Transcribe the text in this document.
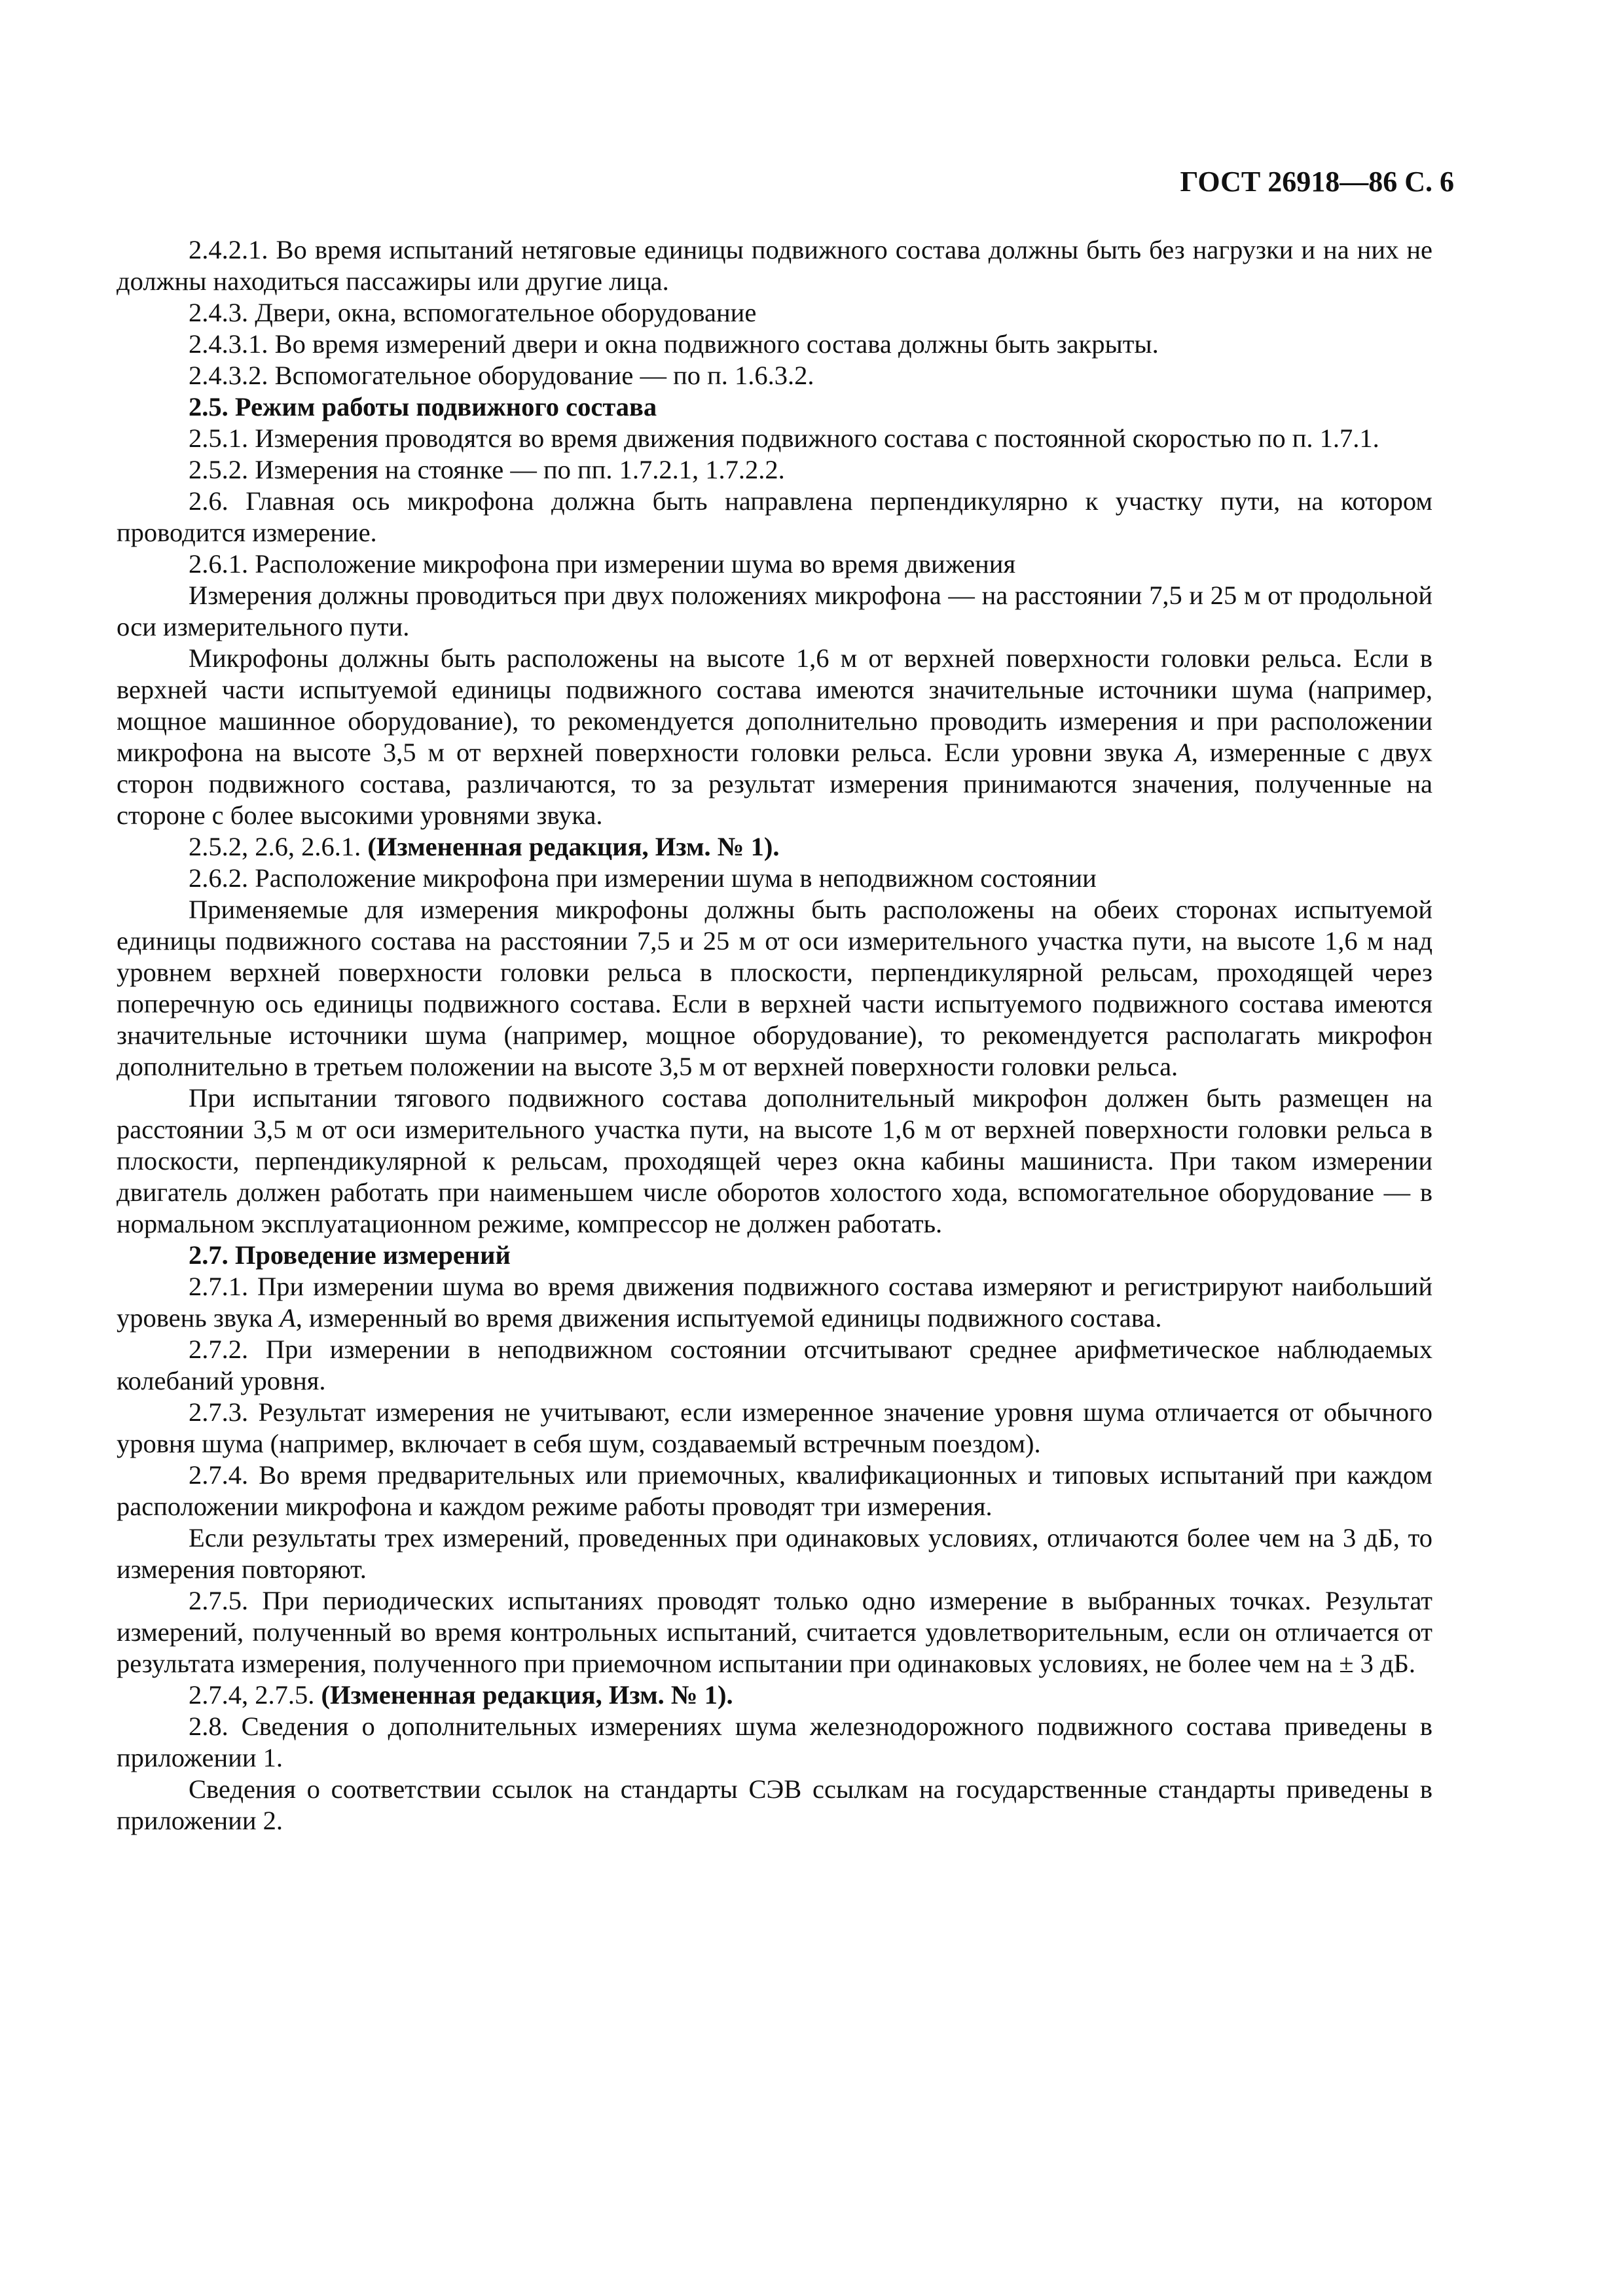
ГОСТ 26918—86 С. 6

2.4.2.1. Во время испытаний нетяговые единицы подвижного состава должны быть без нагрузки и на них не должны находиться пассажиры или другие лица.

2.4.3. Двери, окна, вспомогательное оборудование

2.4.3.1. Во время измерений двери и окна подвижного состава должны быть закрыты.

2.4.3.2. Вспомогательное оборудование — по п. 1.6.3.2.

2.5. Режим работы подвижного состава

2.5.1. Измерения проводятся во время движения подвижного состава с постоянной скоростью по п. 1.7.1.

2.5.2. Измерения на стоянке — по пп. 1.7.2.1, 1.7.2.2.

2.6. Главная ось микрофона должна быть направлена перпендикулярно к участку пути, на котором проводится измерение.

2.6.1. Расположение микрофона при измерении шума во время движения

Измерения должны проводиться при двух положениях микрофона — на расстоянии 7,5 и 25 м от продольной оси измерительного пути.

Микрофоны должны быть расположены на высоте 1,6 м от верхней поверхности головки рельса. Если в верхней части испытуемой единицы подвижного состава имеются значительные источники шума (например, мощное машинное оборудование), то рекомендуется дополнительно проводить измерения и при расположении микрофона на высоте 3,5 м от верхней поверхности головки рельса. Если уровни звука А, измеренные с двух сторон подвижного состава, различаются, то за результат измерения принимаются значения, полученные на стороне с более высокими уровнями звука.

2.5.2, 2.6, 2.6.1. (Измененная редакция, Изм. № 1).

2.6.2. Расположение микрофона при измерении шума в неподвижном состоянии

Применяемые для измерения микрофоны должны быть расположены на обеих сторонах испытуемой единицы подвижного состава на расстоянии 7,5 и 25 м от оси измерительного участка пути, на высоте 1,6 м над уровнем верхней поверхности головки рельса в плоскости, перпендикулярной рельсам, проходящей через поперечную ось единицы подвижного состава. Если в верхней части испытуемого подвижного состава имеются значительные источники шума (например, мощное оборудование), то рекомендуется располагать микрофон дополнительно в третьем положении на высоте 3,5 м от верхней поверхности головки рельса.

При испытании тягового подвижного состава дополнительный микрофон должен быть размещен на расстоянии 3,5 м от оси измерительного участка пути, на высоте 1,6 м от верхней поверхности головки рельса в плоскости, перпендикулярной к рельсам, проходящей через окна кабины машиниста. При таком измерении двигатель должен работать при наименьшем числе оборотов холостого хода, вспомогательное оборудование — в нормальном эксплуатационном режиме, компрессор не должен работать.

2.7. Проведение измерений

2.7.1. При измерении шума во время движения подвижного состава измеряют и регистрируют наибольший уровень звука А, измеренный во время движения испытуемой единицы подвижного состава.

2.7.2. При измерении в неподвижном состоянии отсчитывают среднее арифметическое наблюдаемых колебаний уровня.

2.7.3. Результат измерения не учитывают, если измеренное значение уровня шума отличается от обычного уровня шума (например, включает в себя шум, создаваемый встречным поездом).

2.7.4. Во время предварительных или приемочных, квалификационных и типовых испытаний при каждом расположении микрофона и каждом режиме работы проводят три измерения.

Если результаты трех измерений, проведенных при одинаковых условиях, отличаются более чем на 3 дБ, то измерения повторяют.

2.7.5. При периодических испытаниях проводят только одно измерение в выбранных точках. Результат измерений, полученный во время контрольных испытаний, считается удовлетворительным, если он отличается от результата измерения, полученного при приемочном испытании при одинаковых условиях, не более чем на ± 3 дБ.

2.7.4, 2.7.5. (Измененная редакция, Изм. № 1).

2.8. Сведения о дополнительных измерениях шума железнодорожного подвижного состава приведены в приложении 1.

Сведения о соответствии ссылок на стандарты СЭВ ссылкам на государственные стандарты приведены в приложении 2.
